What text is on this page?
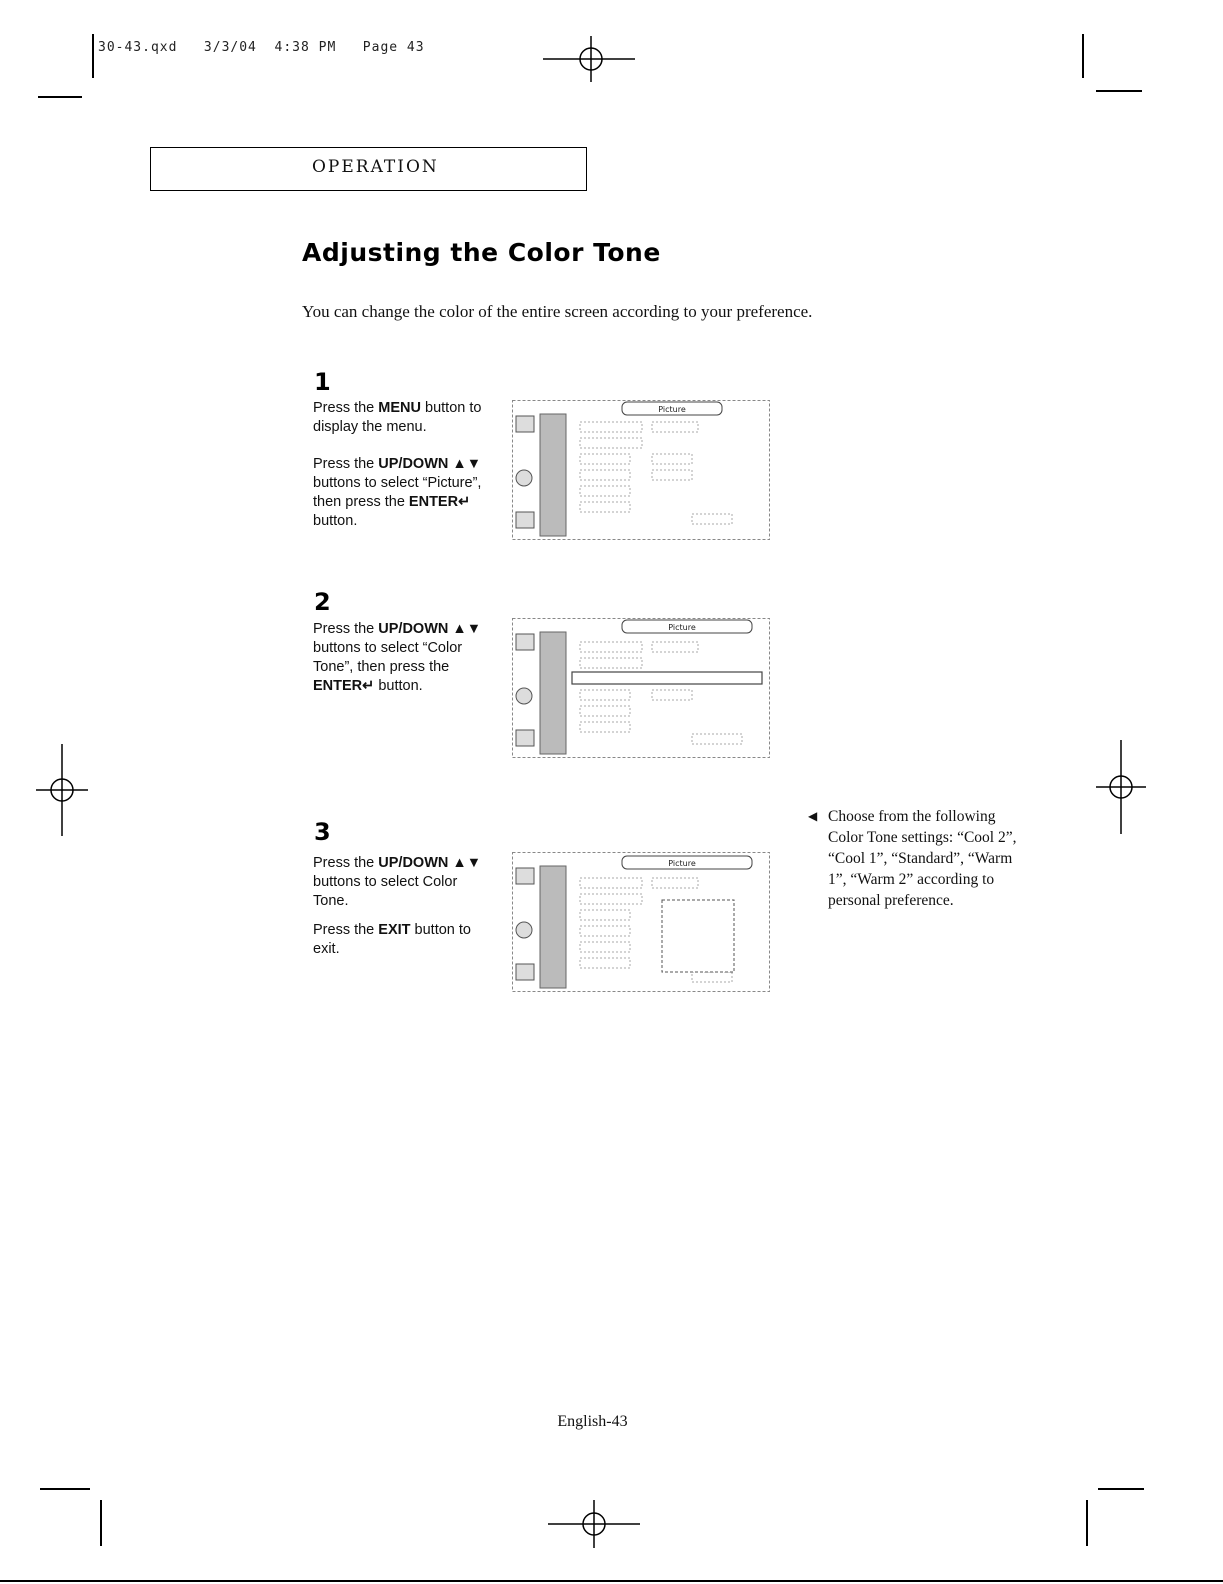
30-43.qxd   3/3/04  4:38 PM   Page 43
OPERATION
Adjusting the Color Tone
You can change the color of the entire screen according to your preference.
1

Press the MENU button to display the menu.

Press the UP/DOWN ▲▼ buttons to select “Picture”, then press the ENTER↵ button.

Picture
2

Press the UP/DOWN ▲▼ buttons to select “Color Tone”, then press the ENTER↵ button.

Picture
3

Press the UP/DOWN ▲▼ buttons to select Color Tone.

Press the EXIT button to exit.

Picture
◀ Choose from the following Color Tone settings: “Cool 2”, “Cool 1”, “Standard”, “Warm 1”, “Warm 2” according to personal preference.
English-43
